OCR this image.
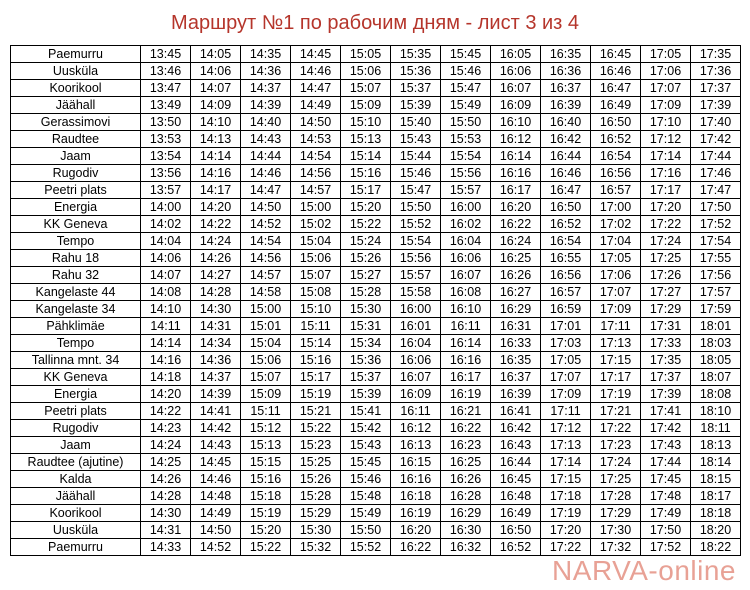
Маршрут №1 по рабочим дням - лист 3 из 4
Paemurru	13:45	14:05	14:35	14:45	15:05	15:35	15:45	16:05	16:35	16:45	17:05	17:35
Uusküla	13:46	14:06	14:36	14:46	15:06	15:36	15:46	16:06	16:36	16:46	17:06	17:36
Koorikool	13:47	14:07	14:37	14:47	15:07	15:37	15:47	16:07	16:37	16:47	17:07	17:37
Jäähall	13:49	14:09	14:39	14:49	15:09	15:39	15:49	16:09	16:39	16:49	17:09	17:39
Gerassimovi	13:50	14:10	14:40	14:50	15:10	15:40	15:50	16:10	16:40	16:50	17:10	17:40
Raudtee	13:53	14:13	14:43	14:53	15:13	15:43	15:53	16:12	16:42	16:52	17:12	17:42
Jaam	13:54	14:14	14:44	14:54	15:14	15:44	15:54	16:14	16:44	16:54	17:14	17:44
Rugodiv	13:56	14:16	14:46	14:56	15:16	15:46	15:56	16:16	16:46	16:56	17:16	17:46
Peetri plats	13:57	14:17	14:47	14:57	15:17	15:47	15:57	16:17	16:47	16:57	17:17	17:47
Energia	14:00	14:20	14:50	15:00	15:20	15:50	16:00	16:20	16:50	17:00	17:20	17:50
KK Geneva	14:02	14:22	14:52	15:02	15:22	15:52	16:02	16:22	16:52	17:02	17:22	17:52
Tempo	14:04	14:24	14:54	15:04	15:24	15:54	16:04	16:24	16:54	17:04	17:24	17:54
Rahu 18	14:06	14:26	14:56	15:06	15:26	15:56	16:06	16:25	16:55	17:05	17:25	17:55
Rahu 32	14:07	14:27	14:57	15:07	15:27	15:57	16:07	16:26	16:56	17:06	17:26	17:56
Kangelaste 44	14:08	14:28	14:58	15:08	15:28	15:58	16:08	16:27	16:57	17:07	17:27	17:57
Kangelaste 34	14:10	14:30	15:00	15:10	15:30	16:00	16:10	16:29	16:59	17:09	17:29	17:59
Pähklimäe	14:11	14:31	15:01	15:11	15:31	16:01	16:11	16:31	17:01	17:11	17:31	18:01
Tempo	14:14	14:34	15:04	15:14	15:34	16:04	16:14	16:33	17:03	17:13	17:33	18:03
Tallinna mnt. 34	14:16	14:36	15:06	15:16	15:36	16:06	16:16	16:35	17:05	17:15	17:35	18:05
KK Geneva	14:18	14:37	15:07	15:17	15:37	16:07	16:17	16:37	17:07	17:17	17:37	18:07
Energia	14:20	14:39	15:09	15:19	15:39	16:09	16:19	16:39	17:09	17:19	17:39	18:08
Peetri plats	14:22	14:41	15:11	15:21	15:41	16:11	16:21	16:41	17:11	17:21	17:41	18:10
Rugodiv	14:23	14:42	15:12	15:22	15:42	16:12	16:22	16:42	17:12	17:22	17:42	18:11
Jaam	14:24	14:43	15:13	15:23	15:43	16:13	16:23	16:43	17:13	17:23	17:43	18:13
Raudtee (ajutine)	14:25	14:45	15:15	15:25	15:45	16:15	16:25	16:44	17:14	17:24	17:44	18:14
Kalda	14:26	14:46	15:16	15:26	15:46	16:16	16:26	16:45	17:15	17:25	17:45	18:15
Jäähall	14:28	14:48	15:18	15:28	15:48	16:18	16:28	16:48	17:18	17:28	17:48	18:17
Koorikool	14:30	14:49	15:19	15:29	15:49	16:19	16:29	16:49	17:19	17:29	17:49	18:18
Uusküla	14:31	14:50	15:20	15:30	15:50	16:20	16:30	16:50	17:20	17:30	17:50	18:20
Paemurru	14:33	14:52	15:22	15:32	15:52	16:22	16:32	16:52	17:22	17:32	17:52	18:22
NARVA-online
